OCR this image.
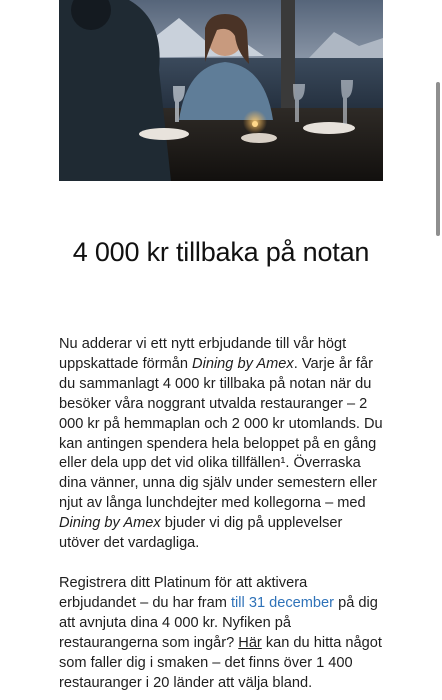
4 000 kr tillbaka på notan

Nu adderar vi ett nytt erbjudande till vår högt uppskattade förmån Dining by Amex. Varje år får du sammanlagt 4 000 kr tillbaka på notan när du besöker våra noggrant utvalda restauranger – 2 000 kr på hemmaplan och 2 000 kr utomlands. Du kan antingen spendera hela beloppet på en gång eller dela upp det vid olika tillfällen¹. Överraska dina vänner, unna dig själv under semestern eller njut av långa lunchdejter med kollegorna – med Dining by Amex bjuder vi dig på upplevelser utöver det vardagliga.

Registrera ditt Platinum för att aktivera erbjudandet – du har fram till 31 december på dig att avnjuta dina 4 000 kr. Nyfiken på restaurangerna som ingår? Här kan du hitta något som faller dig i smaken – det finns över 1 400 restauranger i 20 länder att välja bland.
